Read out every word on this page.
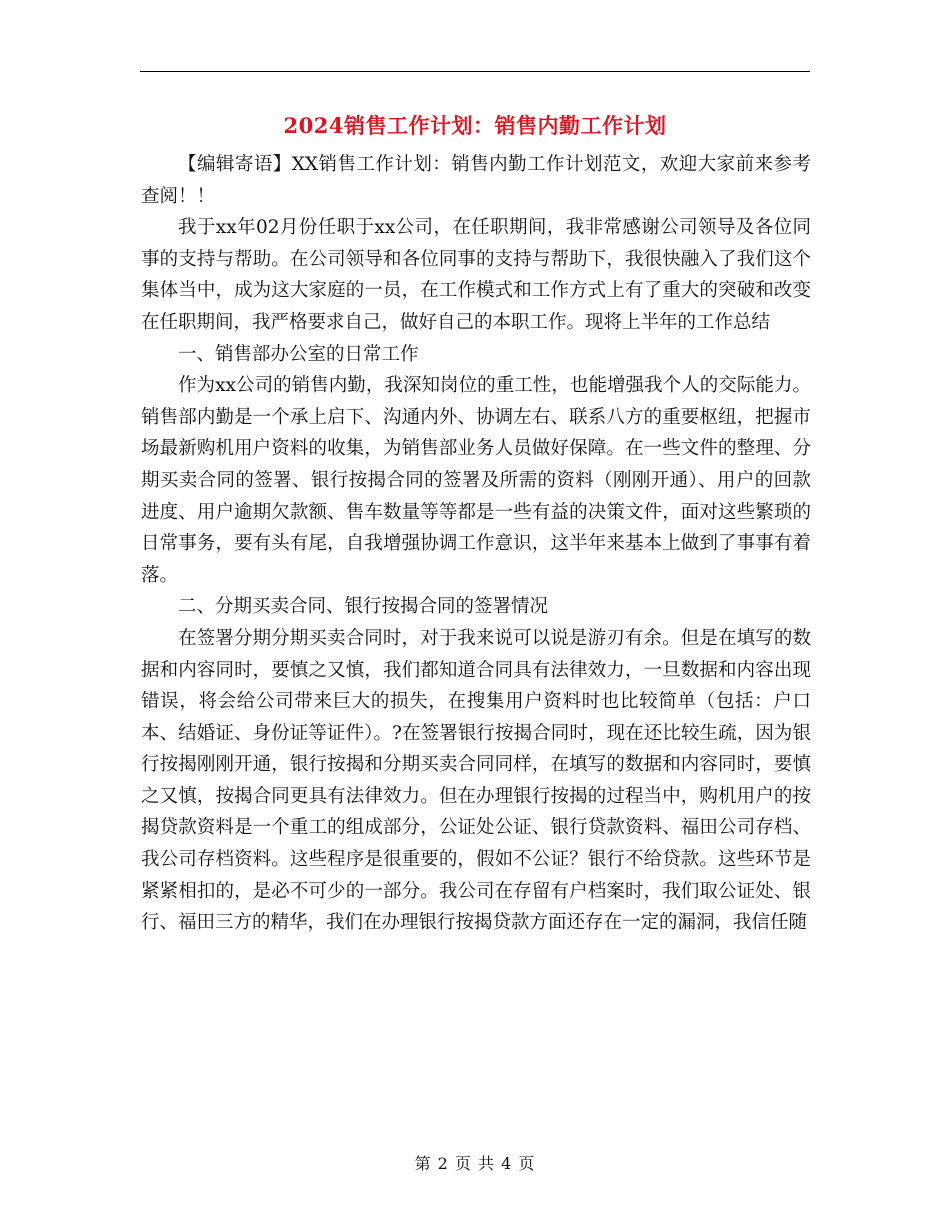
2024销售工作计划：销售内勤工作计划

【编辑寄语】XX销售工作计划：销售内勤工作计划范文，欢迎大家前来参考查阅！！

我于xx年02月份任职于xx公司，在任职期间，我非常感谢公司领导及各位同事的支持与帮助。在公司领导和各位同事的支持与帮助下，我很快融入了我们这个集体当中，成为这大家庭的一员，在工作模式和工作方式上有了重大的突破和改变在任职期间，我严格要求自己，做好自己的本职工作。现将上半年的工作总结

一、销售部办公室的日常工作

作为xx公司的销售内勤，我深知岗位的重工性，也能增强我个人的交际能力。销售部内勤是一个承上启下、沟通内外、协调左右、联系八方的重要枢纽，把握市场最新购机用户资料的收集，为销售部业务人员做好保障。在一些文件的整理、分期买卖合同的签署、银行按揭合同的签署及所需的资料（刚刚开通）、用户的回款进度、用户逾期欠款额、售车数量等等都是一些有益的决策文件，面对这些繁琐的日常事务，要有头有尾，自我增强协调工作意识，这半年来基本上做到了事事有着落。

二、分期买卖合同、银行按揭合同的签署情况

在签署分期分期买卖合同时，对于我来说可以说是游刃有余。但是在填写的数据和内容同时，要慎之又慎，我们都知道合同具有法律效力，一旦数据和内容出现错误，将会给公司带来巨大的损失，在搜集用户资料时也比较简单（包括：户口本、结婚证、身份证等证件）。?在签署银行按揭合同时，现在还比较生疏，因为银行按揭刚刚开通，银行按揭和分期买卖合同同样，在填写的数据和内容同时，要慎之又慎，按揭合同更具有法律效力。但在办理银行按揭的过程当中，购机用户的按揭贷款资料是一个重工的组成部分，公证处公证、银行贷款资料、福田公司存档、我公司存档资料。这些程序是很重要的，假如不公证？银行不给贷款。这些环节是紧紧相扣的，是必不可少的一部分。我公司在存留有户档案时，我们取公证处、银行、福田三方的精华，我们在办理银行按揭贷款方面还存在一定的漏洞，我信任随

第 2 页 共 4 页
